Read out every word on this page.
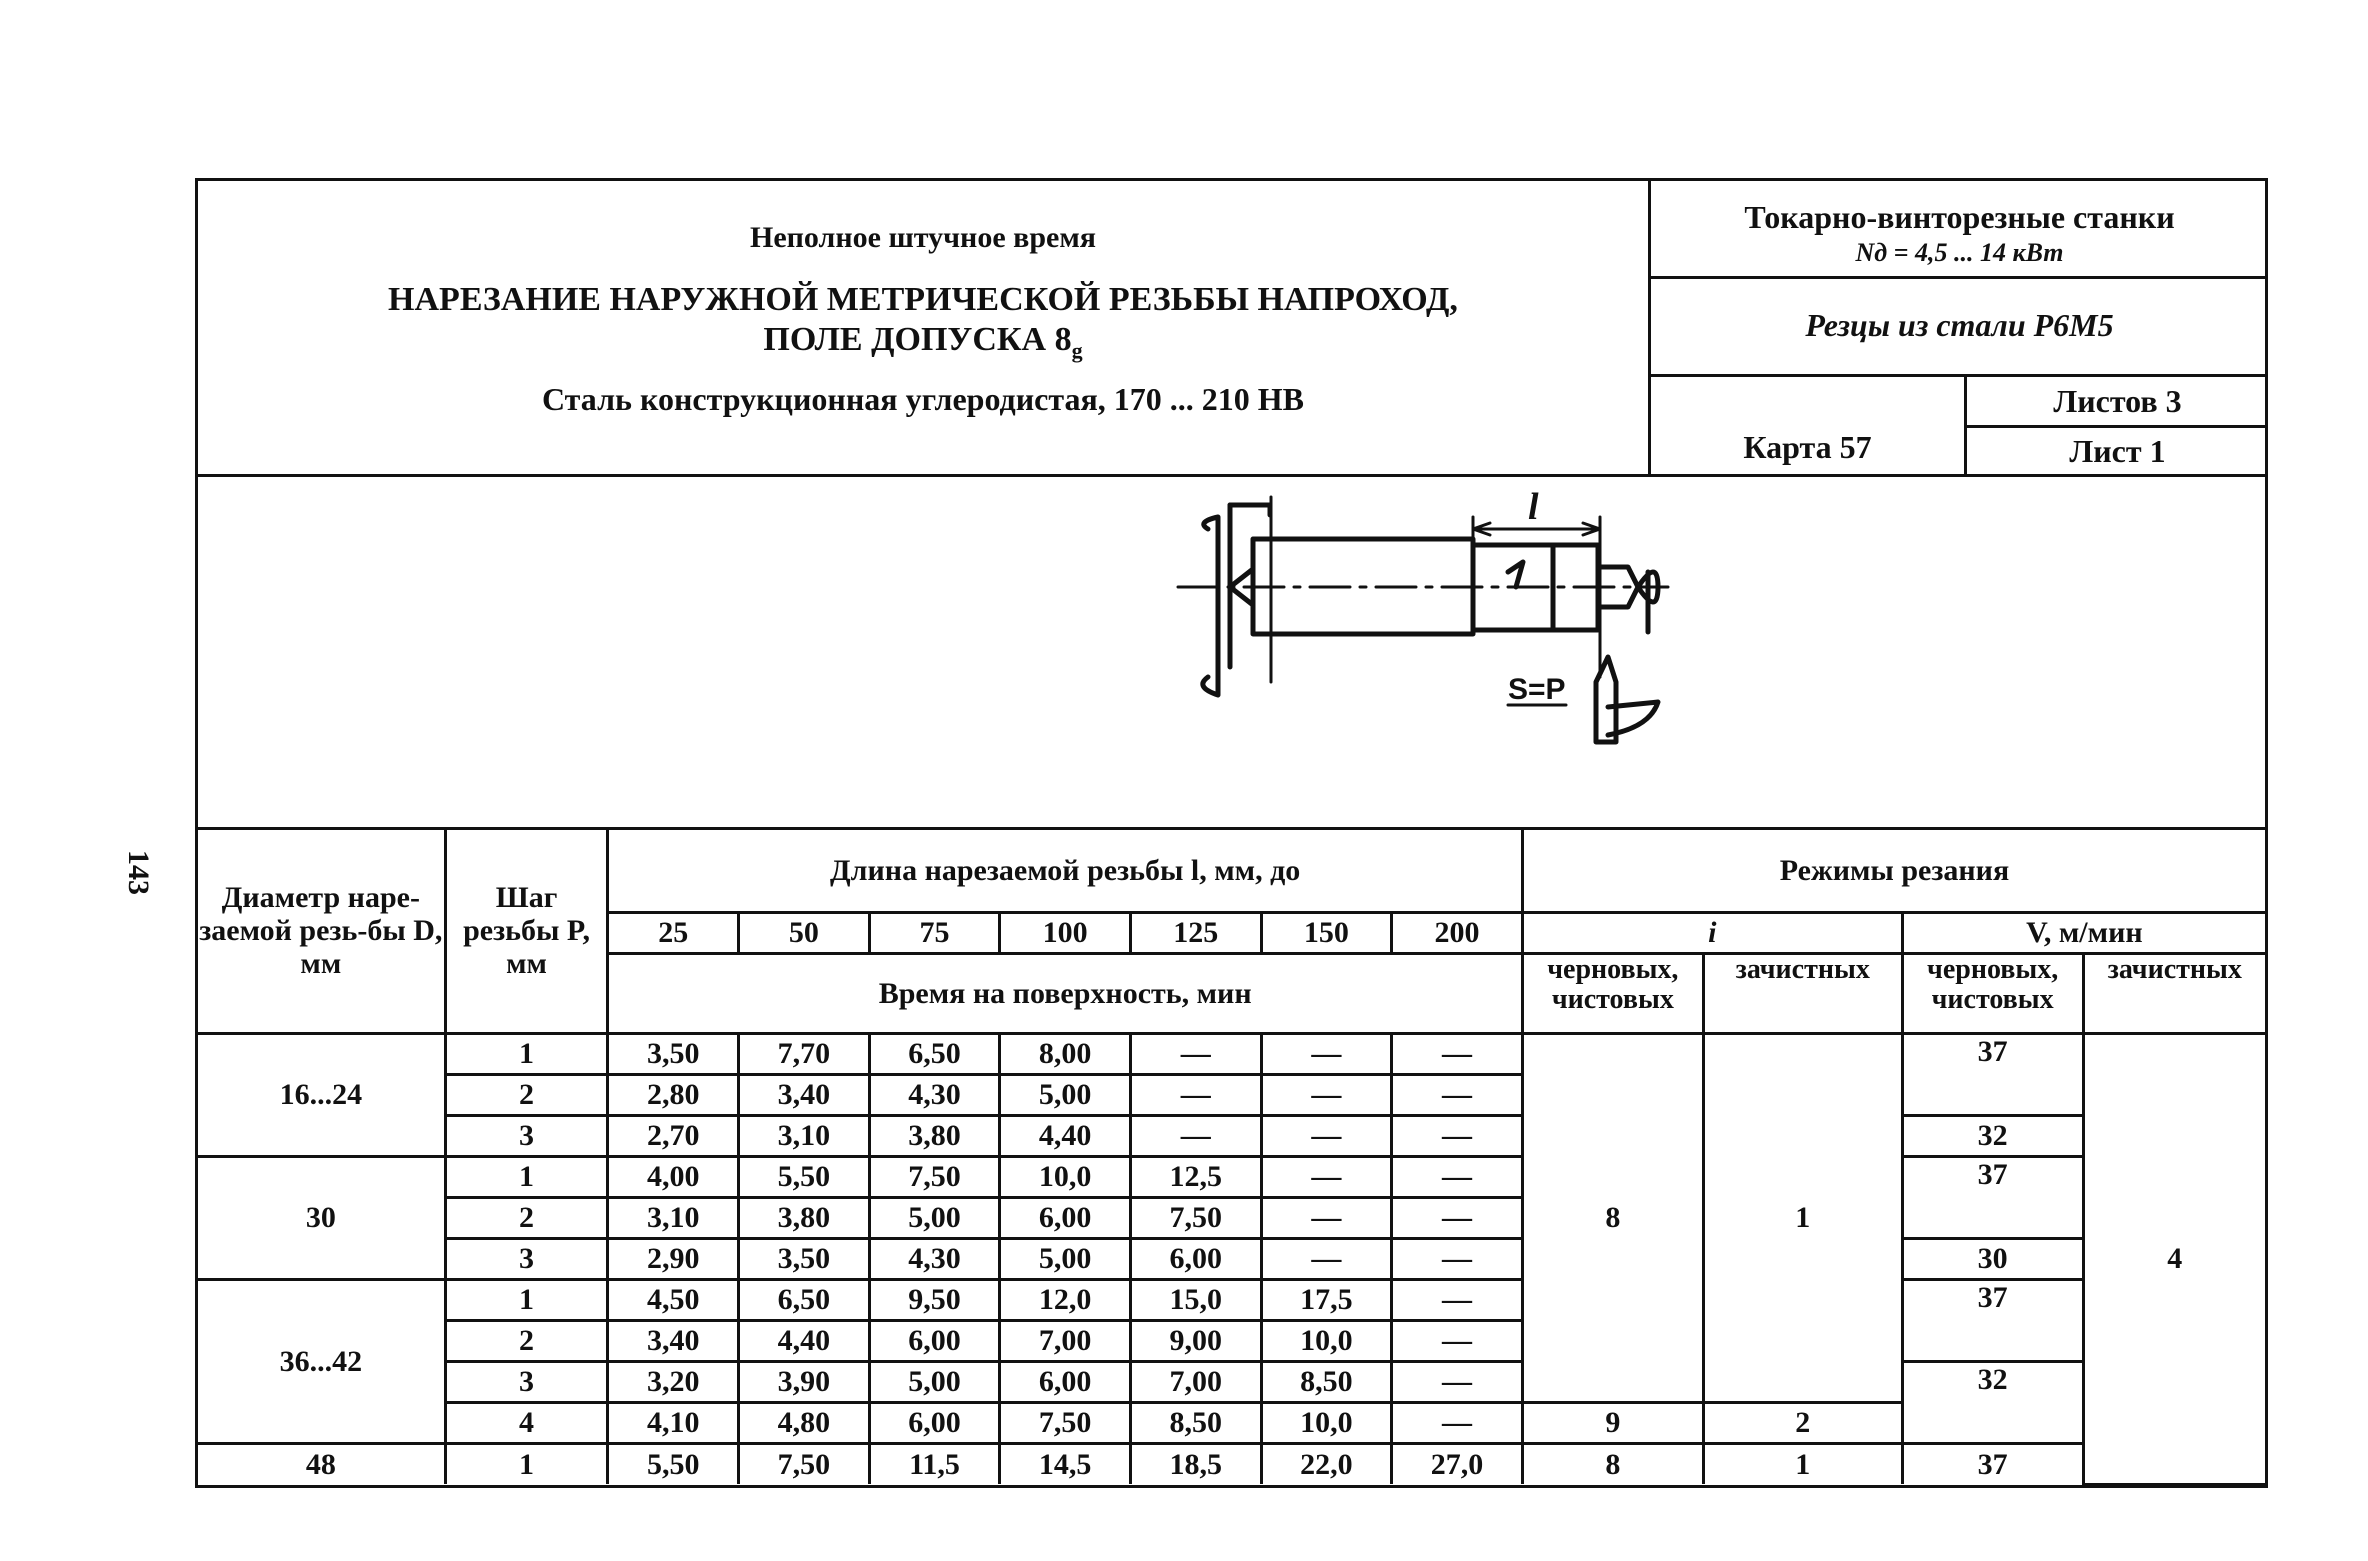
143
Неполное штучное время
НАРЕЗАНИЕ НАРУЖНОЙ МЕТРИЧЕСКОЙ РЕЗЬБЫ НАПРОХОД,
ПОЛЕ ДОПУСКА $8_g$
Сталь конструкционная углеродистая, 170 ... 210 НВ
Токарно-винторезные станки
Nд = 4,5 ... 14 кВт
Резцы из стали Р6М5
Карта 57
Листов 3
Лист 1
l
S=P
Диаметр наре-заемой резь-бы D, мм	Шаг резьбы P, мм	Длина нарезаемой резьбы l, мм, до							Режимы резания			
		25	50	75	100	125	150	200	i		V, м/мин	
		Время на поверхность, мин							черновых, чистовых	зачистных	черновых, чистовых	зачистных
16...24	1	3,50	7,70	6,50	8,00	—	—	—	8	1	37	4
	2	2,80	3,40	4,30	5,00	—	—	—				
	3	2,70	3,10	3,80	4,40	—	—	—			32	
30	1	4,00	5,50	7,50	10,0	12,5	—	—			37	
	2	3,10	3,80	5,00	6,00	7,50	—	—				
	3	2,90	3,50	4,30	5,00	6,00	—	—			30	
36...42	1	4,50	6,50	9,50	12,0	15,0	17,5	—			37	
	2	3,40	4,40	6,00	7,00	9,00	10,0	—				
	3	3,20	3,90	5,00	6,00	7,00	8,50	—			32	
	4	4,10	4,80	6,00	7,50	8,50	10,0	—	9	2		
48	1	5,50	7,50	11,5	14,5	18,5	22,0	27,0	8	1	37	
